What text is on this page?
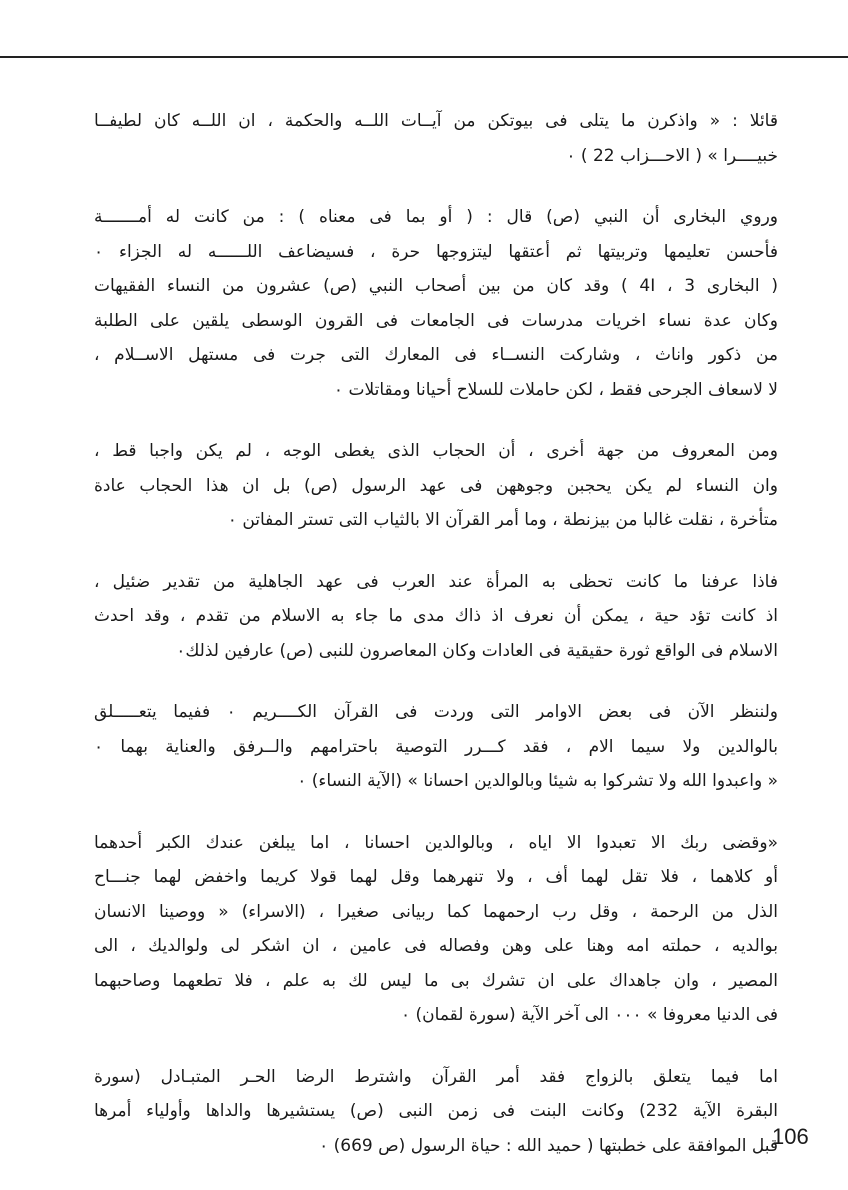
قائلا : « واذكرن ما يتلى فى بيوتكن من آيــات اللــه والحكمة ، ان اللــه كان لطيفــا
خبيــــرا » ( الاحـــزاب 22 ) ٠

وروي البخارى أن النبي (ص) قال : ( أو بما فى معناه ) : من كانت له أمـــــــة
فأحسن تعليمها وتربيتها ثم أعتقها ليتزوجها حرة ، فسيضاعف اللــــــه له الجزاء ٠
( البخارى 3 ، 4I ) وقد كان من بين أصحاب النبي (ص) عشرون من النساء الفقيهات
وكان عدة نساء اخريات مدرسات فى الجامعات فى القرون الوسطى يلقين على الطلبة
من ذكور واناث ، وشاركت النســاء فى المعارك التى جرت فى مستهل الاســلام ،
لا لاسعاف الجرحى فقط ، لكن حاملات للسلاح أحيانا ومقاتلات ٠

ومن المعروف من جهة أخرى ، أن الحجاب الذى يغطى الوجه ، لم يكن واجبا قط ،
وان النساء لم يكن يحجبن وجوههن فى عهد الرسول (ص) بل ان هذا الحجاب عادة
متأخرة ، نقلت غالبا من بيزنطة ، وما أمر القرآن الا بالثياب التى تستر المفاتن ٠

فاذا عرفنا ما كانت تحظى به المرأة عند العرب فى عهد الجاهلية من تقدير ضئيل ،
اذ كانت تؤد حية ، يمكن أن نعرف اذ ذاك مدى ما جاء به الاسلام من تقدم ، وقد احدث
الاسلام فى الواقع ثورة حقيقية فى العادات وكان المعاصرون للنبى (ص) عارفين لذلك٠

ولننظر الآن فى بعض الاوامر التى وردت فى القرآن الكــــريم ٠ ففيما يتعـــــلق
بالوالدين ولا سيما الام ، فقد كـــرر التوصية باحترامهم والــرفق والعناية بهما ٠
« واعبدوا الله ولا تشركوا به شيئا وبالوالدين احسانا » (الآية النساء) ٠

«وقضى ربك الا تعبدوا الا اياه ، وبالوالدين احسانا ، اما يبلغن عندك الكبر أحدهما
أو كلاهما ، فلا تقل لهما أف ، ولا تنهرهما وقل لهما قولا كريما واخفض لهما جنـــاح
الذل من الرحمة ، وقل رب ارحمهما كما ربيانى صغيرا ، (الاسراء) « ووصينا الانسان
بوالديه ، حملته امه وهنا على وهن وفصاله فى عامين ، ان اشكر لى ولوالديك ، الى
المصير ، وان جاهداك على ان تشرك بى ما ليس لك به علم ، فلا تطعهما وصاحبهما
فى الدنيا معروفا » ٠٠٠ الى آخر الآية (سورة لقمان) ٠

اما فيما يتعلق بالزواج فقد أمر القرآن واشترط الرضا الحـر المتبـادل (سورة
البقرة الآية 232) وكانت البنت فى زمن النبى (ص) يستشيرها والداها وأولياء أمرها
قبل الموافقة على خطبتها ( حميد الله : حياة الرسول (ص 669) ٠

106
